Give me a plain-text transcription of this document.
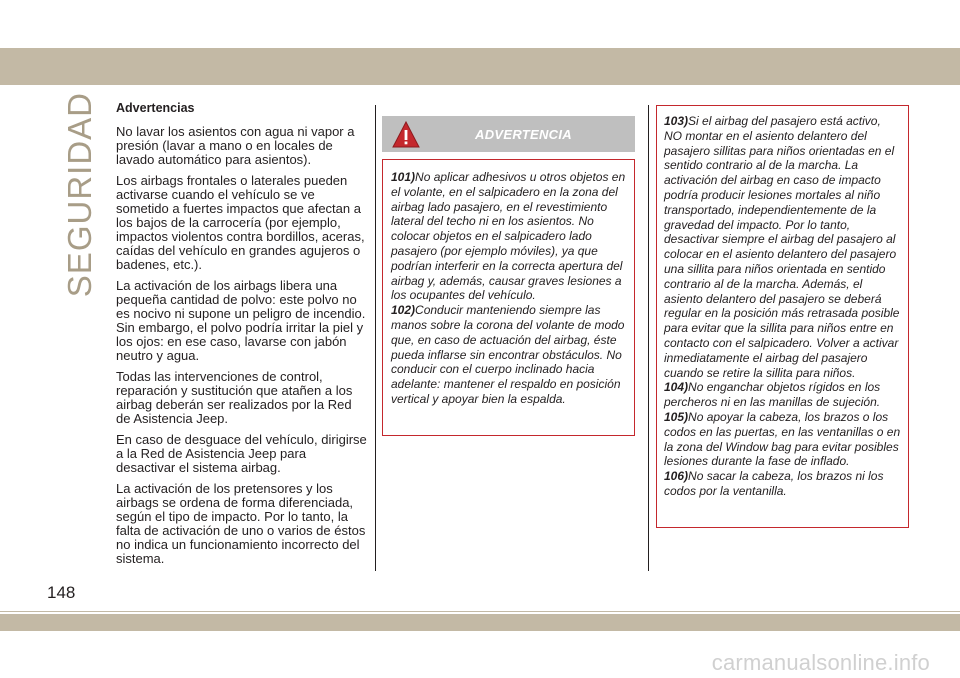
SEGURIDAD Advertencias

No lavar los asientos con agua ni vapor a presión (lavar a mano o en locales de lavado automático para asientos).

Los airbags frontales o laterales pueden activarse cuando el vehículo se ve sometido a fuertes impactos que afectan a los bajos de la carrocería (por ejemplo, impactos violentos contra bordillos, aceras, caídas del vehículo en grandes agujeros o badenes, etc.).

La activación de los airbags libera una pequeña cantidad de polvo: este polvo no es nocivo ni supone un peligro de incendio. Sin embargo, el polvo podría irritar la piel y los ojos: en ese caso, lavarse con jabón neutro y agua.

Todas las intervenciones de control, reparación y sustitución que atañen a los airbag deberán ser realizados por la Red de Asistencia Jeep.

En caso de desguace del vehículo, dirigirse a la Red de Asistencia Jeep para desactivar el sistema airbag.

La activación de los pretensores y los airbags se ordena de forma diferenciada, según el tipo de impacto. Por lo tanto, la falta de activación de uno o varios de éstos no indica un funcionamiento incorrecto del sistema.

ADVERTENCIA

101)No aplicar adhesivos u otros objetos en el volante, en el salpicadero en la zona del airbag lado pasajero, en el revestimiento lateral del techo ni en los asientos. No colocar objetos en el salpicadero lado pasajero (por ejemplo móviles), ya que podrían interferir en la correcta apertura del airbag y, además, causar graves lesiones a los ocupantes del vehículo.

102)Conducir manteniendo siempre las manos sobre la corona del volante de modo que, en caso de actuación del airbag, éste pueda inflarse sin encontrar obstáculos. No conducir con el cuerpo inclinado hacia adelante: mantener el respaldo en posición vertical y apoyar bien la espalda.

103)Si el airbag del pasajero está activo, NO montar en el asiento delantero del pasajero sillitas para niños orientadas en el sentido contrario al de la marcha. La activación del airbag en caso de impacto podría producir lesiones mortales al niño transportado, independientemente de la gravedad del impacto. Por lo tanto, desactivar siempre el airbag del pasajero al colocar en el asiento delantero del pasajero una sillita para niños orientada en sentido contrario al de la marcha. Además, el asiento delantero del pasajero se deberá regular en la posición más retrasada posible para evitar que la sillita para niños entre en contacto con el salpicadero. Volver a activar inmediatamente el airbag del pasajero cuando se retire la sillita para niños.

104)No enganchar objetos rígidos en los percheros ni en las manillas de sujeción.

105)No apoyar la cabeza, los brazos o los codos en las puertas, en las ventanillas o en la zona del Window bag para evitar posibles lesiones durante la fase de inflado.

106)No sacar la cabeza, los brazos ni los codos por la ventanilla.

148
carmanualsonline.info
